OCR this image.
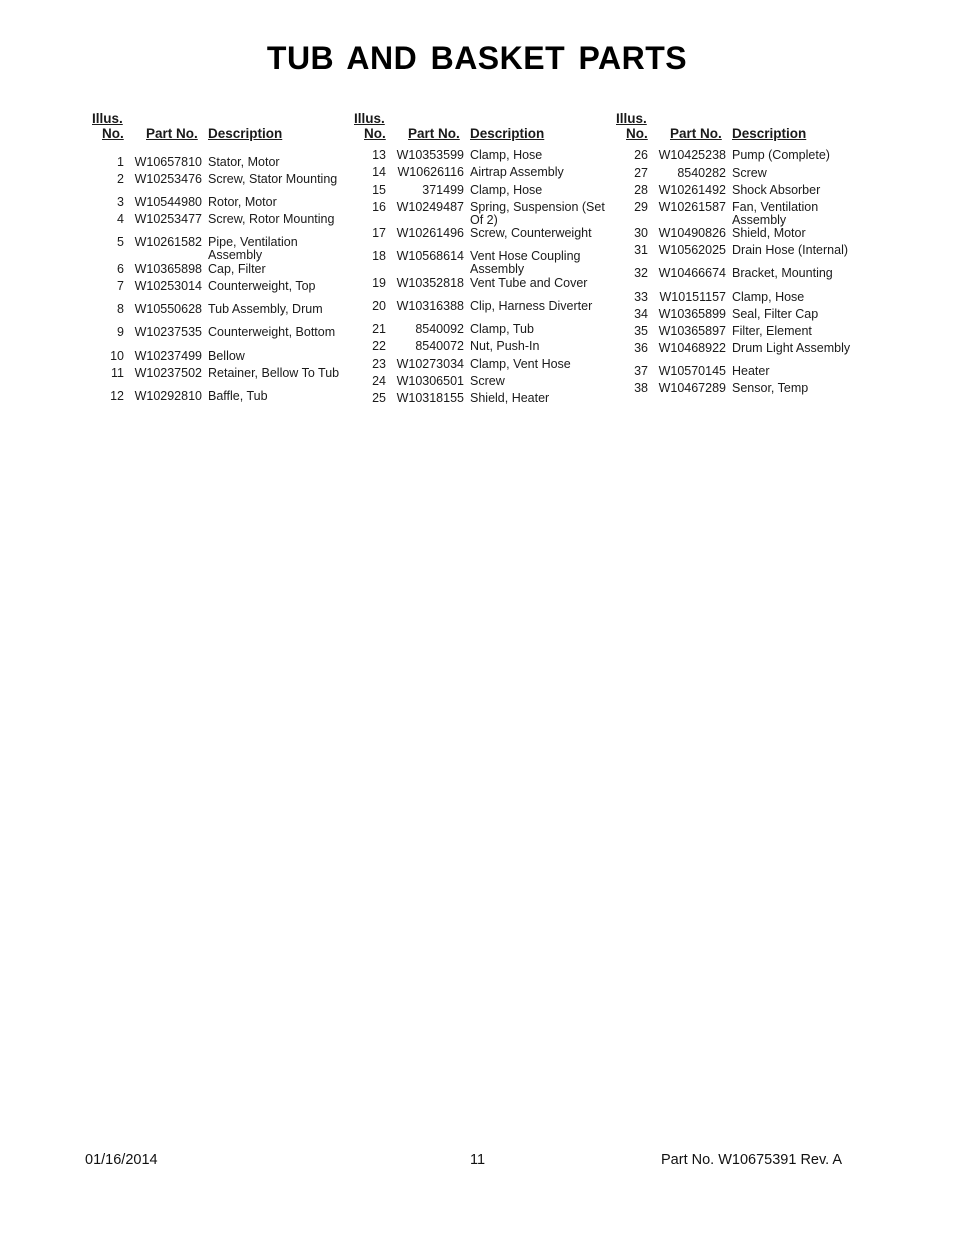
TUB AND BASKET PARTS
Illus.
No. Part No. Description
1 W10657810 Stator, Motor
2 W10253476 Screw, Stator Mounting
3 W10544980 Rotor, Motor
4 W10253477 Screw, Rotor Mounting
5 W10261582 Pipe, Ventilation Assembly
6 W10365898 Cap, Filter
7 W10253014 Counterweight, Top
8 W10550628 Tub Assembly, Drum
9 W10237535 Counterweight, Bottom
10 W10237499 Bellow
11 W10237502 Retainer, Bellow To Tub
12 W10292810 Baffle, Tub
Illus.
No. Part No. Description
13 W10353599 Clamp, Hose
14 W10626116 Airtrap Assembly
15	371499 Clamp, Hose
16 W10249487 Spring, Suspension (Set Of 2)
17 W10261496 Screw, Counterweight
18 W10568614 Vent Hose Coupling Assembly
19 W10352818 Vent Tube and Cover
20 W10316388 Clip, Harness Diverter
21	8540092 Clamp, Tub
22	8540072 Nut, Push-In
23 W10273034 Clamp, Vent Hose
24 W10306501 Screw
25 W10318155 Shield, Heater
Illus.
No. Part No. Description
26 W10425238 Pump (Complete)
27	8540282 Screw
28 W10261492 Shock Absorber
29 W10261587 Fan, Ventilation Assembly
30 W10490826 Shield, Motor
31 W10562025 Drain Hose (Internal)
32 W10466674 Bracket, Mounting
33 W10151157 Clamp, Hose
34 W10365899 Seal, Filter Cap
35 W10365897 Filter, Element
36 W10468922 Drum Light Assembly
37 W10570145 Heater
38 W10467289 Sensor, Temp
01/16/2014	11	Part No. W10675391 Rev. A
